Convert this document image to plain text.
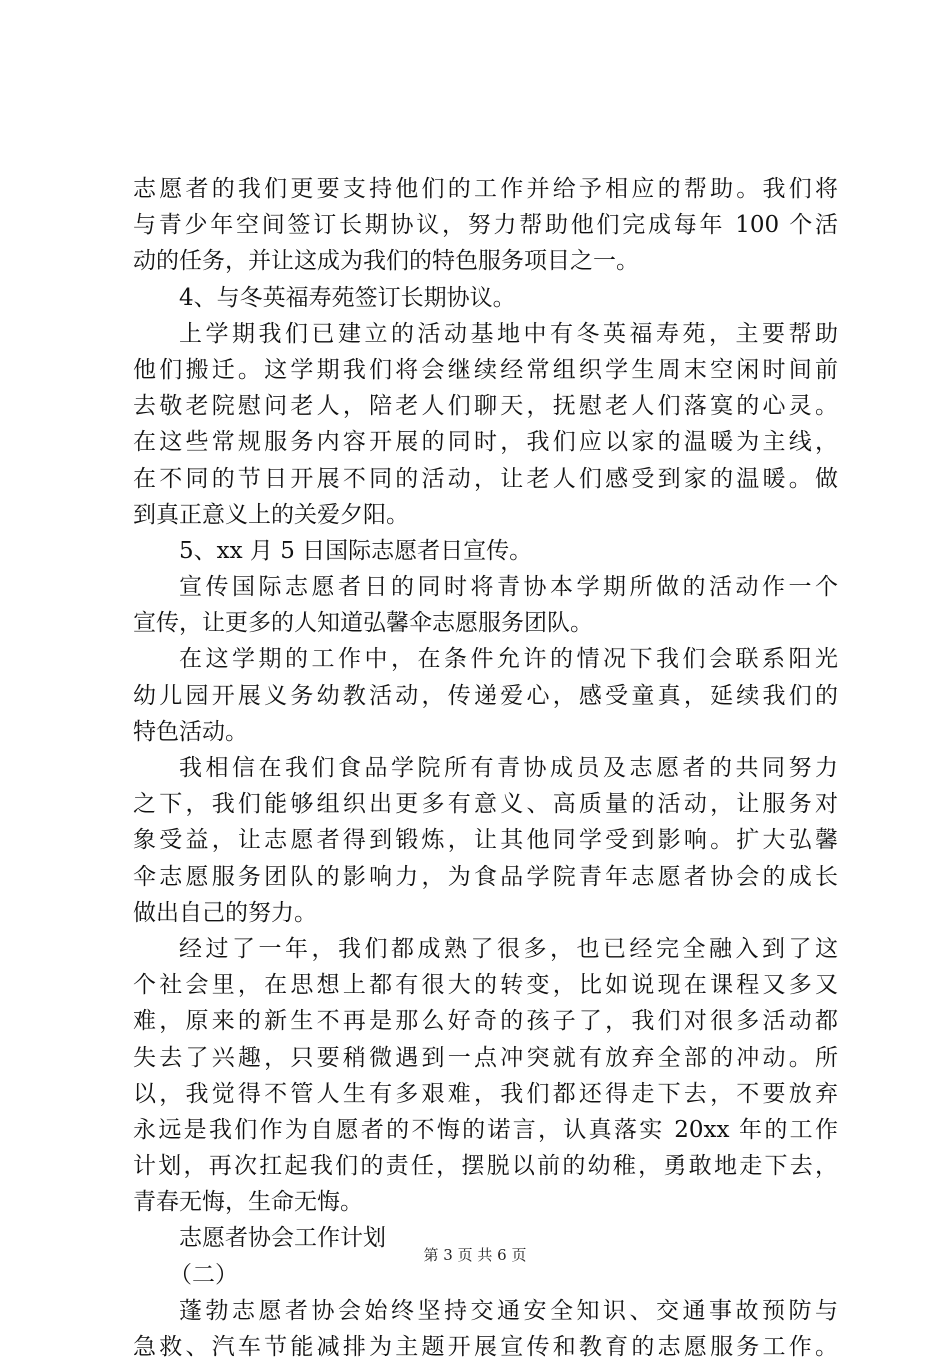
志愿者的我们更要支持他们的工作并给予相应的帮助。我们将
与青少年空间签订长期协议，努力帮助他们完成每年 100 个活
动的任务，并让这成为我们的特色服务项目之一。
4、与冬英福寿苑签订长期协议。
上学期我们已建立的活动基地中有冬英福寿苑，主要帮助
他们搬迁。这学期我们将会继续经常组织学生周末空闲时间前
去敬老院慰问老人，陪老人们聊天，抚慰老人们落寞的心灵。
在这些常规服务内容开展的同时，我们应以家的温暖为主线，
在不同的节日开展不同的活动，让老人们感受到家的温暖。做
到真正意义上的关爱夕阳。
5、xx 月 5 日国际志愿者日宣传。
宣传国际志愿者日的同时将青协本学期所做的活动作一个
宣传，让更多的人知道弘馨伞志愿服务团队。
在这学期的工作中，在条件允许的情况下我们会联系阳光
幼儿园开展义务幼教活动，传递爱心，感受童真，延续我们的
特色活动。
我相信在我们食品学院所有青协成员及志愿者的共同努力
之下，我们能够组织出更多有意义、高质量的活动，让服务对
象受益，让志愿者得到锻炼，让其他同学受到影响。扩大弘馨
伞志愿服务团队的影响力，为食品学院青年志愿者协会的成长
做出自己的努力。
经过了一年，我们都成熟了很多，也已经完全融入到了这
个社会里，在思想上都有很大的转变，比如说现在课程又多又
难，原来的新生不再是那么好奇的孩子了，我们对很多活动都
失去了兴趣，只要稍微遇到一点冲突就有放弃全部的冲动。所
以，我觉得不管人生有多艰难，我们都还得走下去，不要放弃
永远是我们作为自愿者的不悔的诺言，认真落实 20xx 年的工作
计划，再次扛起我们的责任，摆脱以前的幼稚，勇敢地走下去，
青春无悔，生命无悔。
志愿者协会工作计划
（二）
蓬勃志愿者协会始终坚持交通安全知识、交通事故预防与
急救、汽车节能减排为主题开展宣传和教育的志愿服务工作。
第 3 页 共 6 页
